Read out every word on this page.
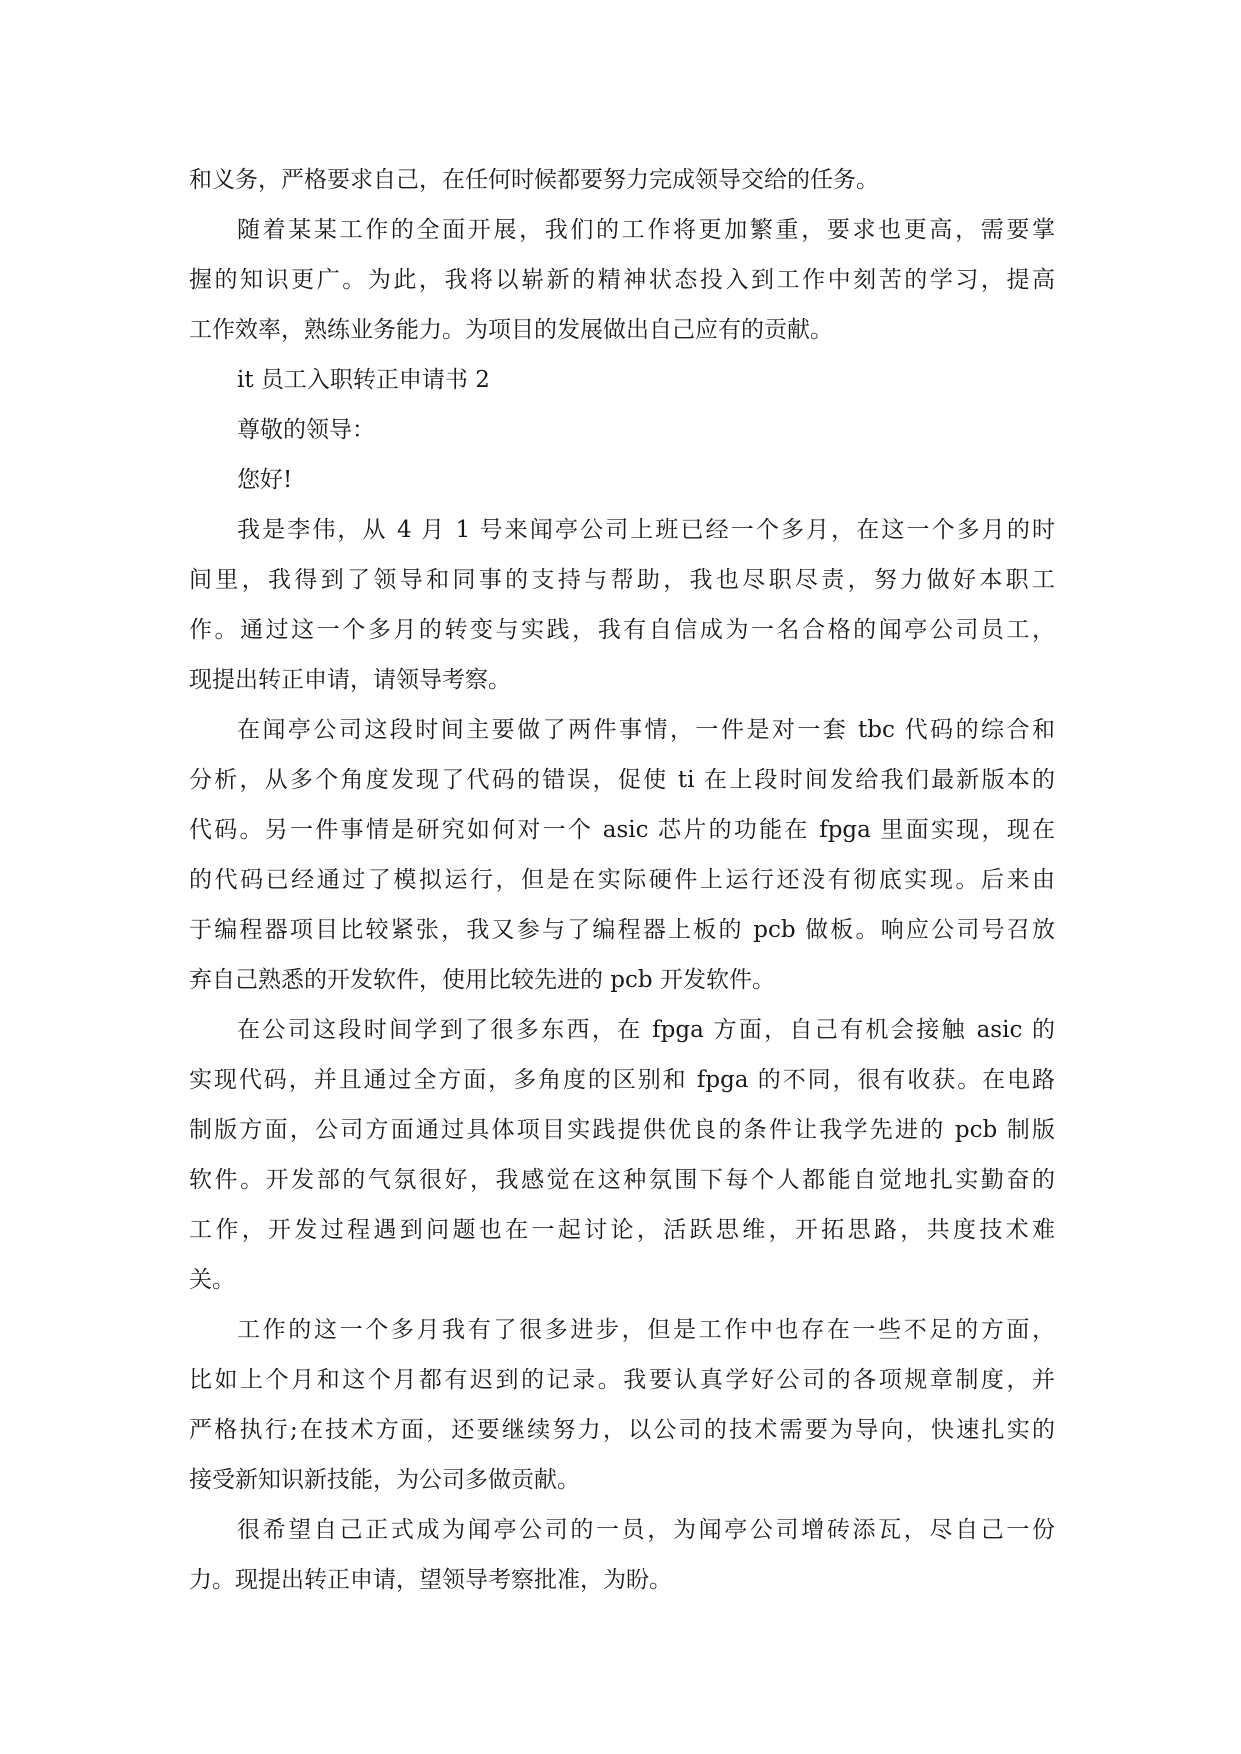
和义务，严格要求自己，在任何时候都要努力完成领导交给的任务。
随着某某工作的全面开展，我们的工作将更加繁重，要求也更高，需要掌
握的知识更广。为此，我将以崭新的精神状态投入到工作中刻苦的学习，提高
工作效率，熟练业务能力。为项目的发展做出自己应有的贡献。
it 员工入职转正申请书 2
尊敬的领导：
您好!
我是李伟，从 4 月 1 号来闻亭公司上班已经一个多月，在这一个多月的时
间里，我得到了领导和同事的支持与帮助，我也尽职尽责，努力做好本职工
作。通过这一个多月的转变与实践，我有自信成为一名合格的闻亭公司员工，
现提出转正申请，请领导考察。
在闻亭公司这段时间主要做了两件事情，一件是对一套 tbc 代码的综合和
分析，从多个角度发现了代码的错误，促使 ti 在上段时间发给我们最新版本的
代码。另一件事情是研究如何对一个 asic 芯片的功能在 fpga 里面实现，现在
的代码已经通过了模拟运行，但是在实际硬件上运行还没有彻底实现。后来由
于编程器项目比较紧张，我又参与了编程器上板的 pcb 做板。响应公司号召放
弃自己熟悉的开发软件，使用比较先进的 pcb 开发软件。
在公司这段时间学到了很多东西，在 fpga 方面，自己有机会接触 asic 的
实现代码，并且通过全方面，多角度的区别和 fpga 的不同，很有收获。在电路
制版方面，公司方面通过具体项目实践提供优良的条件让我学先进的 pcb 制版
软件。开发部的气氛很好，我感觉在这种氛围下每个人都能自觉地扎实勤奋的
工作，开发过程遇到问题也在一起讨论，活跃思维，开拓思路，共度技术难
关。
工作的这一个多月我有了很多进步，但是工作中也存在一些不足的方面，
比如上个月和这个月都有迟到的记录。我要认真学好公司的各项规章制度，并
严格执行;在技术方面，还要继续努力，以公司的技术需要为导向，快速扎实的
接受新知识新技能，为公司多做贡献。
很希望自己正式成为闻亭公司的一员，为闻亭公司增砖添瓦，尽自己一份
力。现提出转正申请，望领导考察批准，为盼。
